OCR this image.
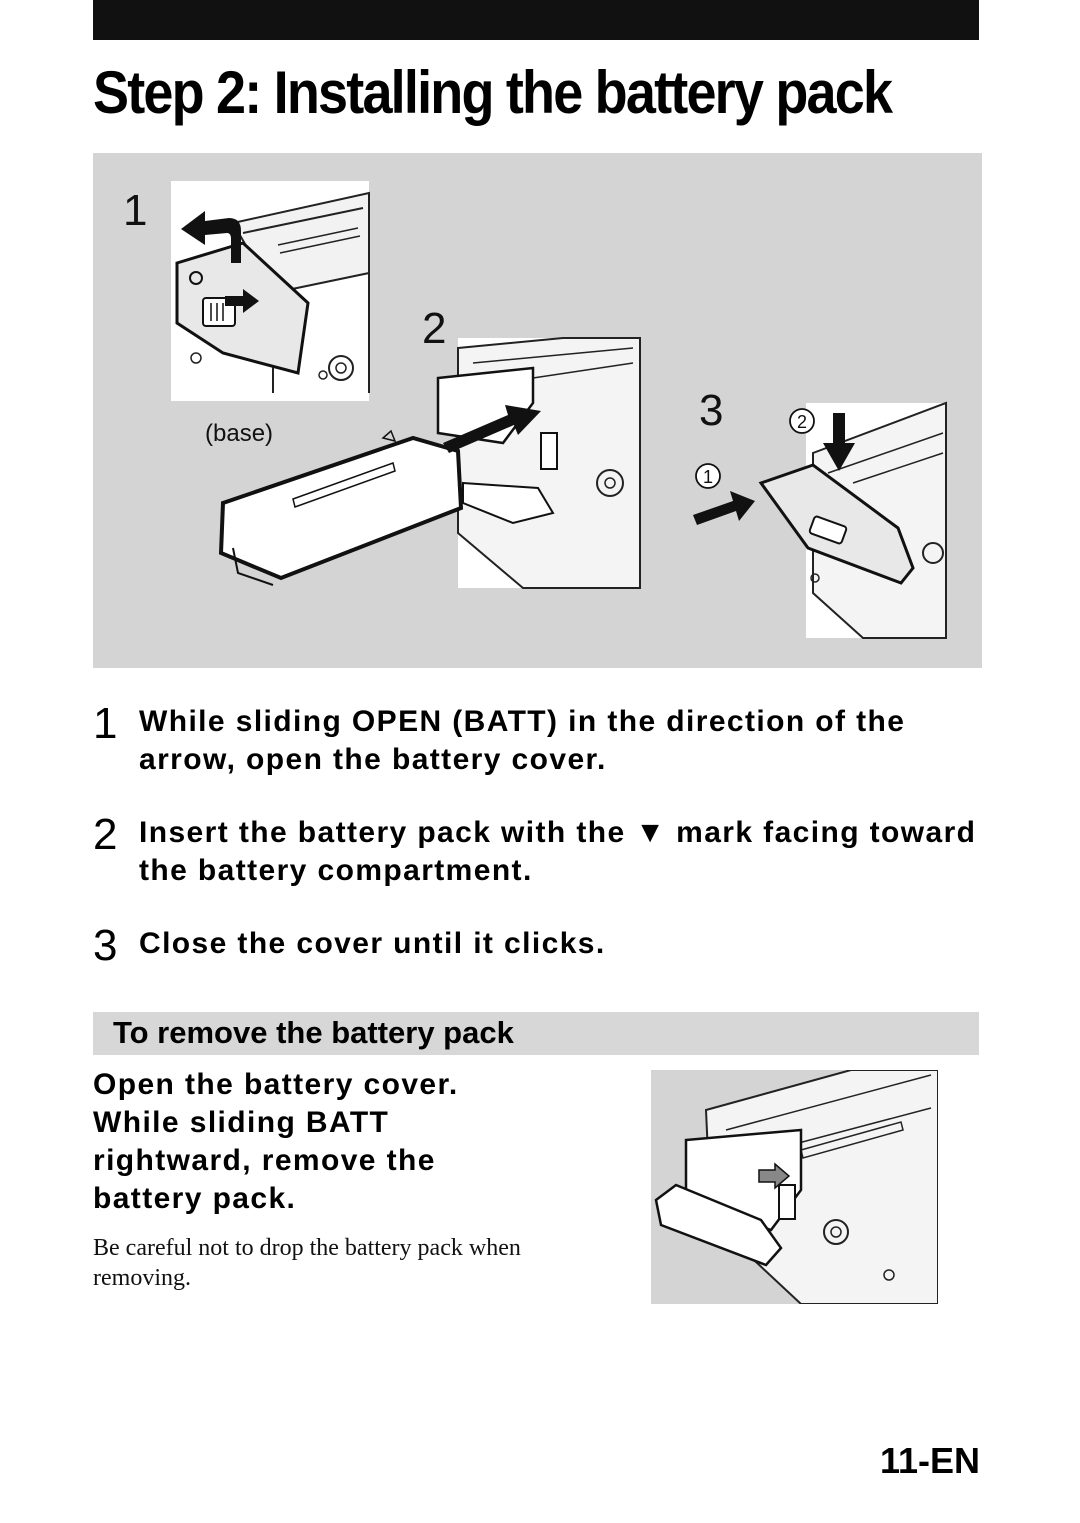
Step 2: Installing the battery pack
1
2
3
(base)
1
2
1 While sliding OPEN (BATT) in the direction of the arrow, open the battery cover.
2 Insert the battery pack with the ▼ mark facing toward the battery compartment.
3 Close the cover until it clicks.
To remove the battery pack
Open the battery cover. While sliding BATT rightward, remove the battery pack.
Be careful not to drop the battery pack when removing.
11-EN
